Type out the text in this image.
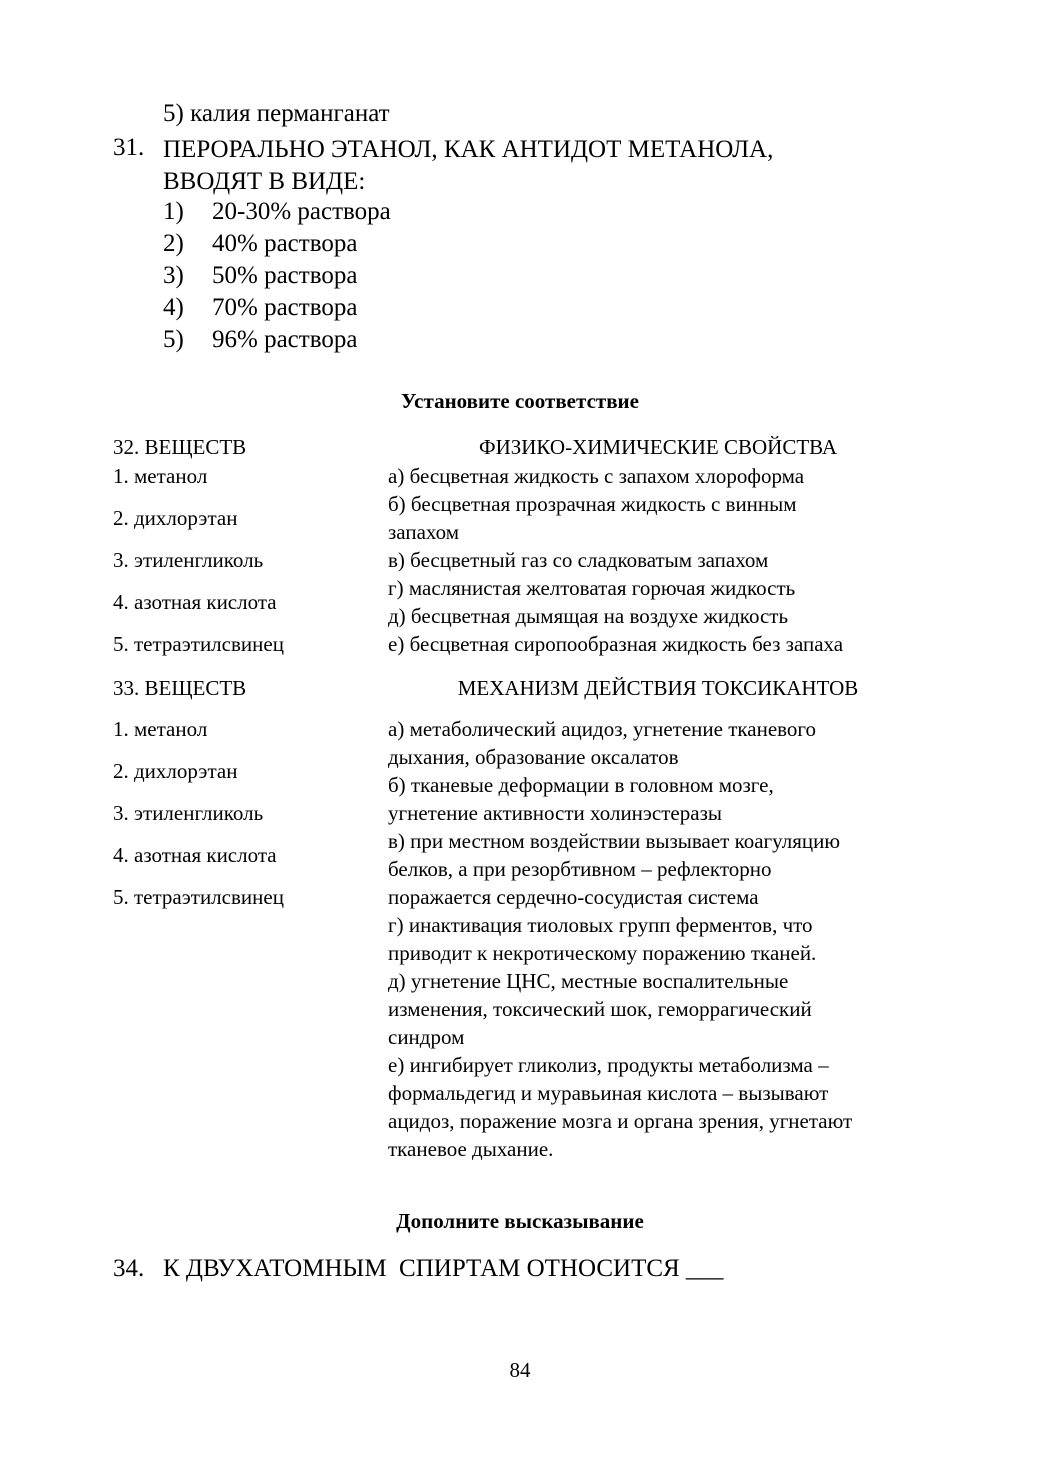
5) калия перманганат
31. ПЕРОРАЛЬНО ЭТАНОЛ, КАК АНТИДОТ МЕТАНОЛА,
ВВОДЯТ В ВИДЕ:
1) 20-30% раствора
2) 40% раствора
3) 50% раствора
4) 70% раствора
5) 96% раствора
Установите соответствие
32. ВЕЩЕСТВ	ФИЗИКО-ХИМИЧЕСКИЕ СВОЙСТВА
1. метанол
2. дихлорэтан
3. этиленгликоль
4. азотная кислота
5. тетраэтилсвинец
а) бесцветная жидкость с запахом хлороформа
б) бесцветная прозрачная жидкость с винным
запахом
в) бесцветный газ со сладковатым запахом
г) маслянистая желтоватая горючая жидкость
д) бесцветная дымящая на воздухе жидкость
е) бесцветная сиропообразная жидкость без запаха
33. ВЕЩЕСТВ	МЕХАНИЗМ ДЕЙСТВИЯ ТОКСИКАНТОВ
1. метанол
2. дихлорэтан
3. этиленгликоль
4. азотная кислота
5. тетраэтилсвинец
а) метаболический ацидоз, угнетение тканевого
дыхания, образование оксалатов
б) тканевые деформации в головном мозге,
угнетение активности холинэстеразы
в) при местном воздействии вызывает коагуляцию
белков, а при резорбтивном – рефлекторно
поражается сердечно-сосудистая система
г) инактивация тиоловых групп ферментов, что
приводит к некротическому поражению тканей.
д) угнетение ЦНС, местные воспалительные
изменения, токсический шок, геморрагический
синдром
е) ингибирует гликолиз, продукты метаболизма –
формальдегид и муравьиная кислота – вызывают
ацидоз, поражение мозга и органа зрения, угнетают
тканевое дыхание.
Дополните высказывание
34. К ДВУХАТОМНЫМ  СПИРТАМ ОТНОСИТСЯ ___
84
